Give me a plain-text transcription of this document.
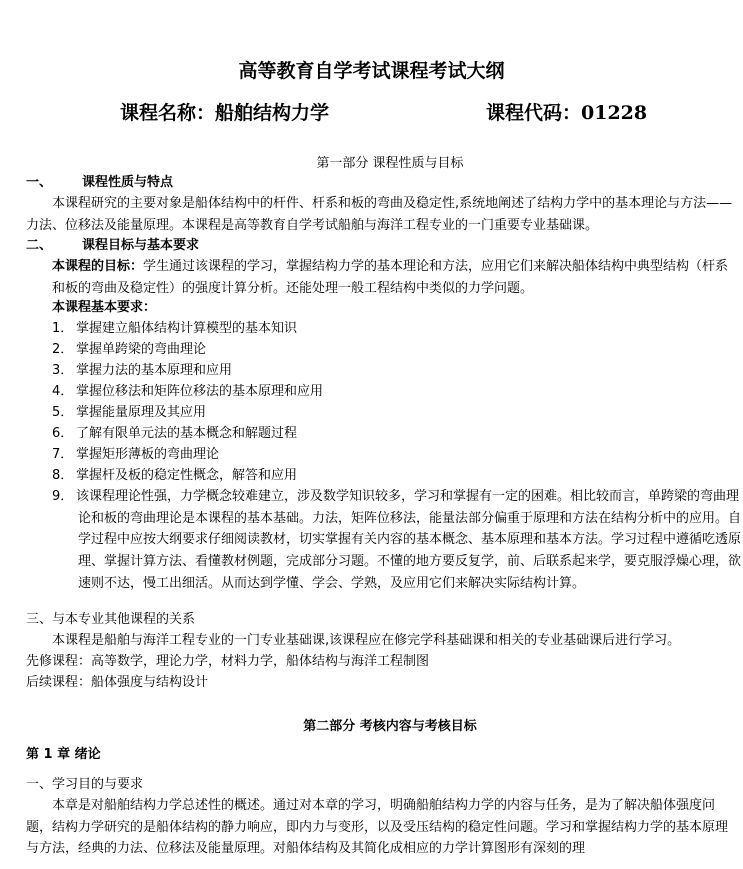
高等教育自学考试课程考试大纲
课程名称：船舶结构力学	课程代码：01228
第一部分 课程性质与目标
一、 课程性质与特点
本课程研究的主要对象是船体结构中的杆件、杆系和板的弯曲及稳定性,系统地阐述了结构力学中的基本理论与方法——力法、位移法及能量原理。本课程是高等教育自学考试船舶与海洋工程专业的一门重要专业基础课。
二、 课程目标与基本要求
本课程的目标：学生通过该课程的学习，掌握结构力学的基本理论和方法，应用它们来解决船体结构中典型结构（杆系和板的弯曲及稳定性）的强度计算分析。还能处理一般工程结构中类似的力学问题。
本课程基本要求：
1． 掌握建立船体结构计算模型的基本知识
2． 掌握单跨梁的弯曲理论
3． 掌握力法的基本原理和应用
4． 掌握位移法和矩阵位移法的基本原理和应用
5． 掌握能量原理及其应用
6． 了解有限单元法的基本概念和解题过程
7． 掌握矩形薄板的弯曲理论
8． 掌握杆及板的稳定性概念，解答和应用
9． 该课程理论性强，力学概念较难建立，涉及数学知识较多，学习和掌握有一定的困难。相比较而言，单跨梁的弯曲理论和板的弯曲理论是本课程的基本基础。力法，矩阵位移法，能量法部分偏重于原理和方法在结构分析中的应用。自学过程中应按大纲要求仔细阅读教材，切实掌握有关内容的基本概念、基本原理和基本方法。学习过程中遵循吃透原理、掌握计算方法、看懂教材例题，完成部分习题。不懂的地方要反复学，前、后联系起来学，要克服浮燥心理，欲速则不达，慢工出细活。从而达到学懂、学会、学熟，及应用它们来解决实际结构计算。
三、与本专业其他课程的关系
本课程是船舶与海洋工程专业的一门专业基础课,该课程应在修完学科基础课和相关的专业基础课后进行学习。
先修课程：高等数学，理论力学，材料力学，船体结构与海洋工程制图
后续课程：船体强度与结构设计
第二部分 考核内容与考核目标
第 1 章 绪论
一、学习目的与要求
本章是对船舶结构力学总述性的概述。通过对本章的学习，明确船舶结构力学的内容与任务，是为了解决船体强度问题，结构力学研究的是船体结构的静力响应，即内力与变形，以及受压结构的稳定性问题。学习和掌握结构力学的基本原理与方法，经典的力法、位移法及能量原理。对船体结构及其简化成相应的力学计算图形有深刻的理
